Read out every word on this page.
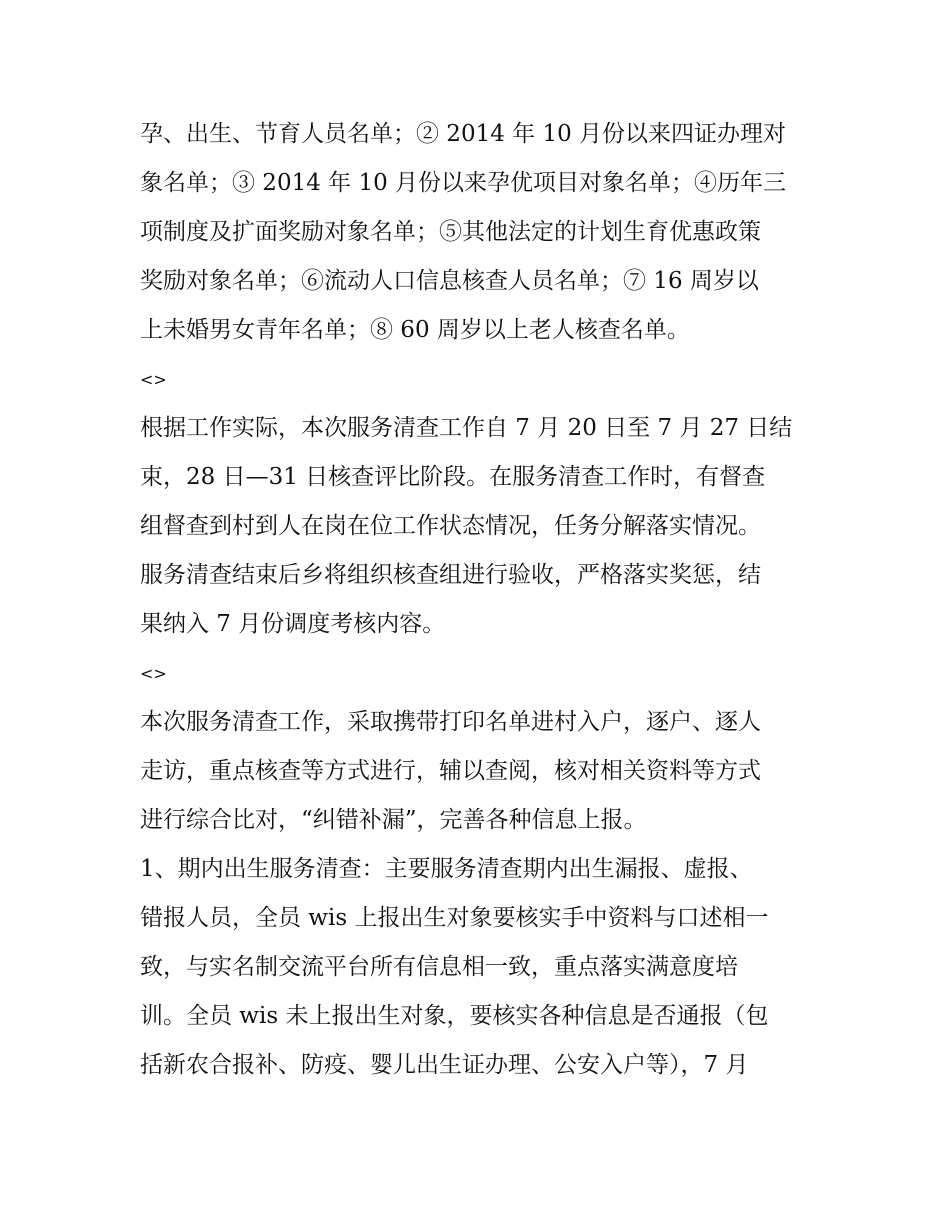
孕、出生、节育人员名单；② 2014 年 10 月份以来四证办理对
象名单；③ 2014 年 10 月份以来孕优项目对象名单；④历年三
项制度及扩面奖励对象名单；⑤其他法定的计划生育优惠政策
奖励对象名单；⑥流动人口信息核查人员名单；⑦ 16 周岁以
上未婚男女青年名单；⑧ 60 周岁以上老人核查名单。
<>
根据工作实际，本次服务清查工作自 7 月 20 日至 7 月 27 日结
束，28 日—31 日核查评比阶段。在服务清查工作时，有督查
组督查到村到人在岗在位工作状态情况，任务分解落实情况。
服务清查结束后乡将组织核查组进行验收，严格落实奖惩，结
果纳入 7 月份调度考核内容。
<>
本次服务清查工作，采取携带打印名单进村入户，逐户、逐人
走访，重点核查等方式进行，辅以查阅，核对相关资料等方式
进行综合比对，“纠错补漏”，完善各种信息上报。
1、期内出生服务清查：主要服务清查期内出生漏报、虚报、
错报人员，全员 wis 上报出生对象要核实手中资料与口述相一
致，与实名制交流平台所有信息相一致，重点落实满意度培
训。全员 wis 未上报出生对象，要核实各种信息是否通报（包
括新农合报补、防疫、婴儿出生证办理、公安入户等），7 月
